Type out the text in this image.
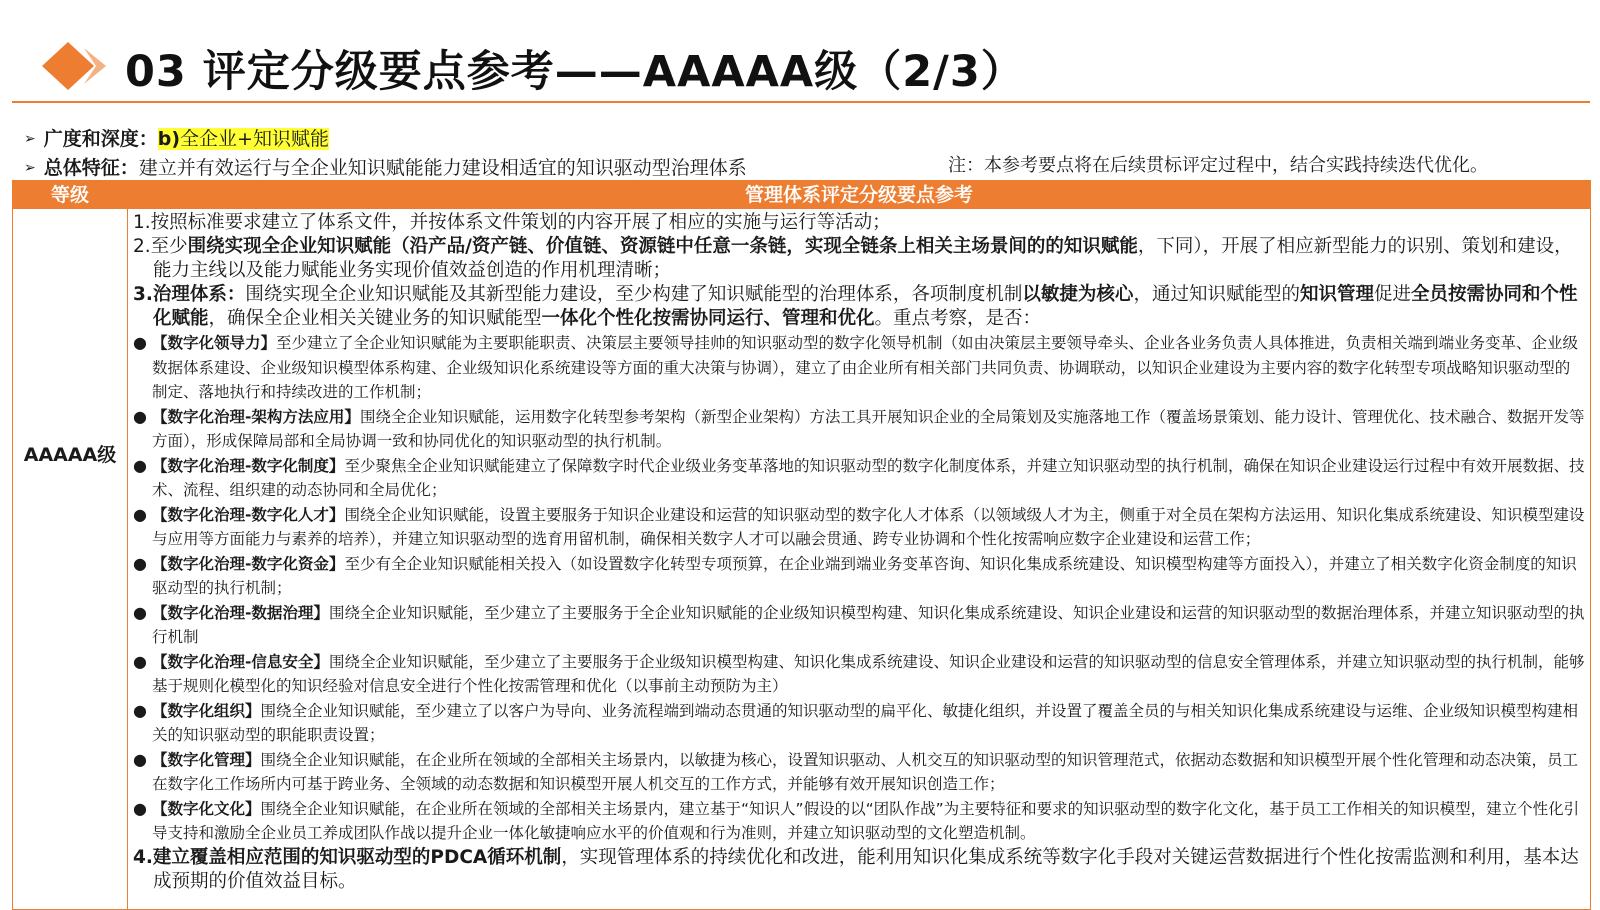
03 评定分级要点参考——AAAAA级（2/3）
➢ 广度和深度：b)全企业+知识赋能
➢ 总体特征：建立并有效运行与全企业知识赋能能力建设相适宜的知识驱动型治理体系	注：本参考要点将在后续贯标评定过程中，结合实践持续迭代优化。
等级	管理体系评定分级要点参考
AAAAA级

1.按照标准要求建立了体系文件，并按体系文件策划的内容开展了相应的实施与运行等活动；

2.至少围绕实现全企业知识赋能（沿产品/资产链、价值链、资源链中任意一条链，实现全链条上相关主场景间的的知识赋能，下同），开展了相应新型能力的识别、策划和建设，能力主线以及能力赋能业务实现价值效益创造的作用机理清晰；

3.治理体系：围绕实现全企业知识赋能及其新型能力建设，至少构建了知识赋能型的治理体系，各项制度机制以敏捷为核心，通过知识赋能型的知识管理促进全员按需协同和个性化赋能，确保全企业相关关键业务的知识赋能型一体化个性化按需协同运行、管理和优化。重点考察，是否：

● 【数字化领导力】至少建立了全企业知识赋能为主要职能职责、决策层主要领导挂帅的知识驱动型的数字化领导机制（如由决策层主要领导牵头、企业各业务负责人具体推进，负责相关端到端业务变革、企业级数据体系建设、企业级知识模型体系构建、企业级知识化系统建设等方面的重大决策与协调），建立了由企业所有相关部门共同负责、协调联动，以知识企业建设为主要内容的数字化转型专项战略知识驱动型的制定、落地执行和持续改进的工作机制；

● 【数字化治理-架构方法应用】围绕全企业知识赋能，运用数字化转型参考架构（新型企业架构）方法工具开展知识企业的全局策划及实施落地工作（覆盖场景策划、能力设计、管理优化、技术融合、数据开发等方面），形成保障局部和全局协调一致和协同优化的知识驱动型的执行机制。

● 【数字化治理-数字化制度】至少聚焦全企业知识赋能建立了保障数字时代企业级业务变革落地的知识驱动型的数字化制度体系，并建立知识驱动型的执行机制，确保在知识企业建设运行过程中有效开展数据、技术、流程、组织建的动态协同和全局优化；

● 【数字化治理-数字化人才】围绕全企业知识赋能，设置主要服务于知识企业建设和运营的知识驱动型的数字化人才体系（以领域级人才为主，侧重于对全员在架构方法运用、知识化集成系统建设、知识模型建设与应用等方面能力与素养的培养），并建立知识驱动型的选育用留机制，确保相关数字人才可以融会贯通、跨专业协调和个性化按需响应数字企业建设和运营工作；

● 【数字化治理-数字化资金】至少有全企业知识赋能相关投入（如设置数字化转型专项预算，在企业端到端业务变革咨询、知识化集成系统建设、知识模型构建等方面投入），并建立了相关数字化资金制度的知识驱动型的执行机制；

● 【数字化治理-数据治理】围绕全企业知识赋能，至少建立了主要服务于全企业知识赋能的企业级知识模型构建、知识化集成系统建设、知识企业建设和运营的知识驱动型的数据治理体系，并建立知识驱动型的执行机制

● 【数字化治理-信息安全】围绕全企业知识赋能，至少建立了主要服务于企业级知识模型构建、知识化集成系统建设、知识企业建设和运营的知识驱动型的信息安全管理体系，并建立知识驱动型的执行机制，能够基于规则化模型化的知识经验对信息安全进行个性化按需管理和优化（以事前主动预防为主）

● 【数字化组织】围绕全企业知识赋能，至少建立了以客户为导向、业务流程端到端动态贯通的知识驱动型的扁平化、敏捷化组织，并设置了覆盖全员的与相关知识化集成系统建设与运维、企业级知识模型构建相关的知识驱动型的职能职责设置；

● 【数字化管理】围绕全企业知识赋能，在企业所在领域的全部相关主场景内，以敏捷为核心，设置知识驱动、人机交互的知识驱动型的知识管理范式，依据动态数据和知识模型开展个性化管理和动态决策，员工在数字化工作场所内可基于跨业务、全领域的动态数据和知识模型开展人机交互的工作方式，并能够有效开展知识创造工作；

● 【数字化文化】围绕全企业知识赋能，在企业所在领域的全部相关主场景内，建立基于“知识人”假设的以“团队作战”为主要特征和要求的知识驱动型的数字化文化，基于员工工作相关的知识模型，建立个性化引导支持和激励全企业员工养成团队作战以提升企业一体化敏捷响应水平的价值观和行为准则，并建立知识驱动型的文化塑造机制。

4.建立覆盖相应范围的知识驱动型的PDCA循环机制，实现管理体系的持续优化和改进，能利用知识化集成系统等数字化手段对关键运营数据进行个性化按需监测和利用，基本达成预期的价值效益目标。
